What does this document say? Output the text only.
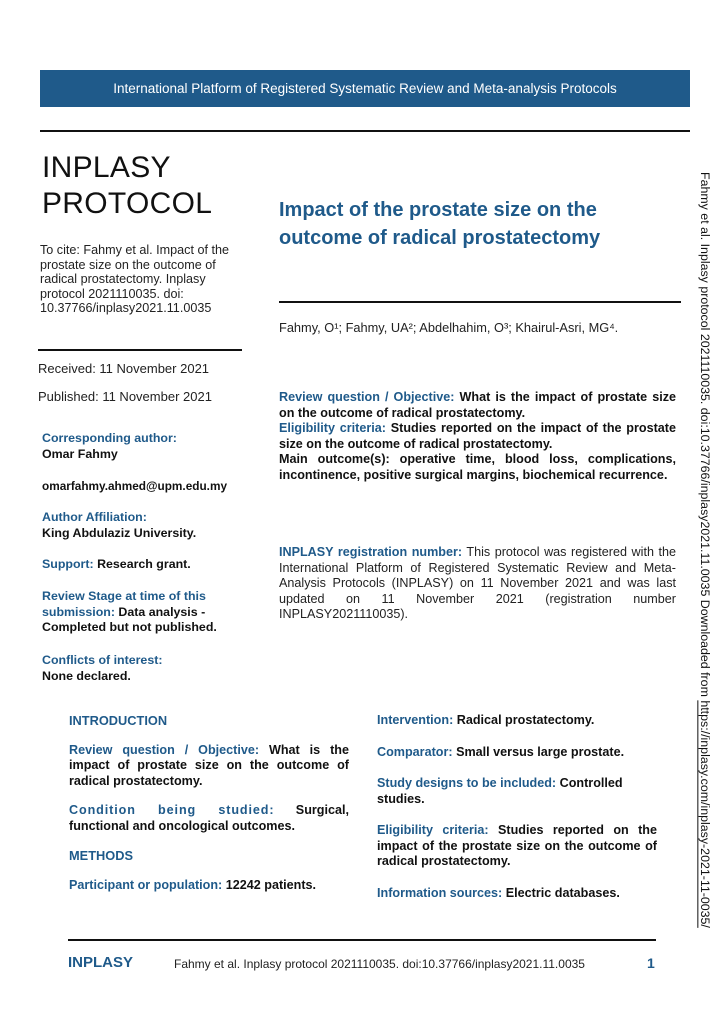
International Platform of Registered Systematic Review and Meta-analysis Protocols
INPLASY
PROTOCOL
To cite: Fahmy et al. Impact of the prostate size on the outcome of radical prostatectomy. Inplasy protocol 2021110035. doi: 10.37766/inplasy2021.11.0035
Received: 11 November 2021
Published: 11 November 2021
Corresponding author:
Omar Fahmy
omarfahmy.ahmed@upm.edu.my
Author Affiliation:
King Abdulaziz University.
Support: Research grant.
Review Stage at time of this submission: Data analysis - Completed but not published.
Conflicts of interest:
None declared.
Impact of the prostate size on the outcome of radical prostatectomy
Fahmy, O¹; Fahmy, UA²; Abdelhahim, O³; Khairul-Asri, MG⁴.
Review question / Objective: What is the impact of prostate size on the outcome of radical prostatectomy.
Eligibility criteria: Studies reported on the impact of the prostate size on the outcome of radical prostatectomy.
Main outcome(s): operative time, blood loss, complications, incontinence, positive surgical margins, biochemical recurrence.
INPLASY registration number: This protocol was registered with the International Platform of Registered Systematic Review and Meta-Analysis Protocols (INPLASY) on 11 November 2021 and was last updated on 11 November 2021 (registration number INPLASY2021110035).

INTRODUCTION

Review question / Objective: What is the impact of prostate size on the outcome of radical prostatectomy.

Condition being studied: Surgical, functional and oncological outcomes.

METHODS

Participant or population: 12242 patients.

Intervention: Radical prostatectomy.

Comparator: Small versus large prostate.

Study designs to be included: Controlled studies.

Eligibility criteria: Studies reported on the impact of the prostate size on the outcome of radical prostatectomy.

Information sources: Electric databases.

Fahmy et al. Inplasy protocol 2021110035. doi:10.37766/inplasy2021.11.0035 Downloaded from https://inplasy.com/inplasy-2021-11-0035/
INPLASY	Fahmy et al. Inplasy protocol 2021110035. doi:10.37766/inplasy2021.11.0035	1
